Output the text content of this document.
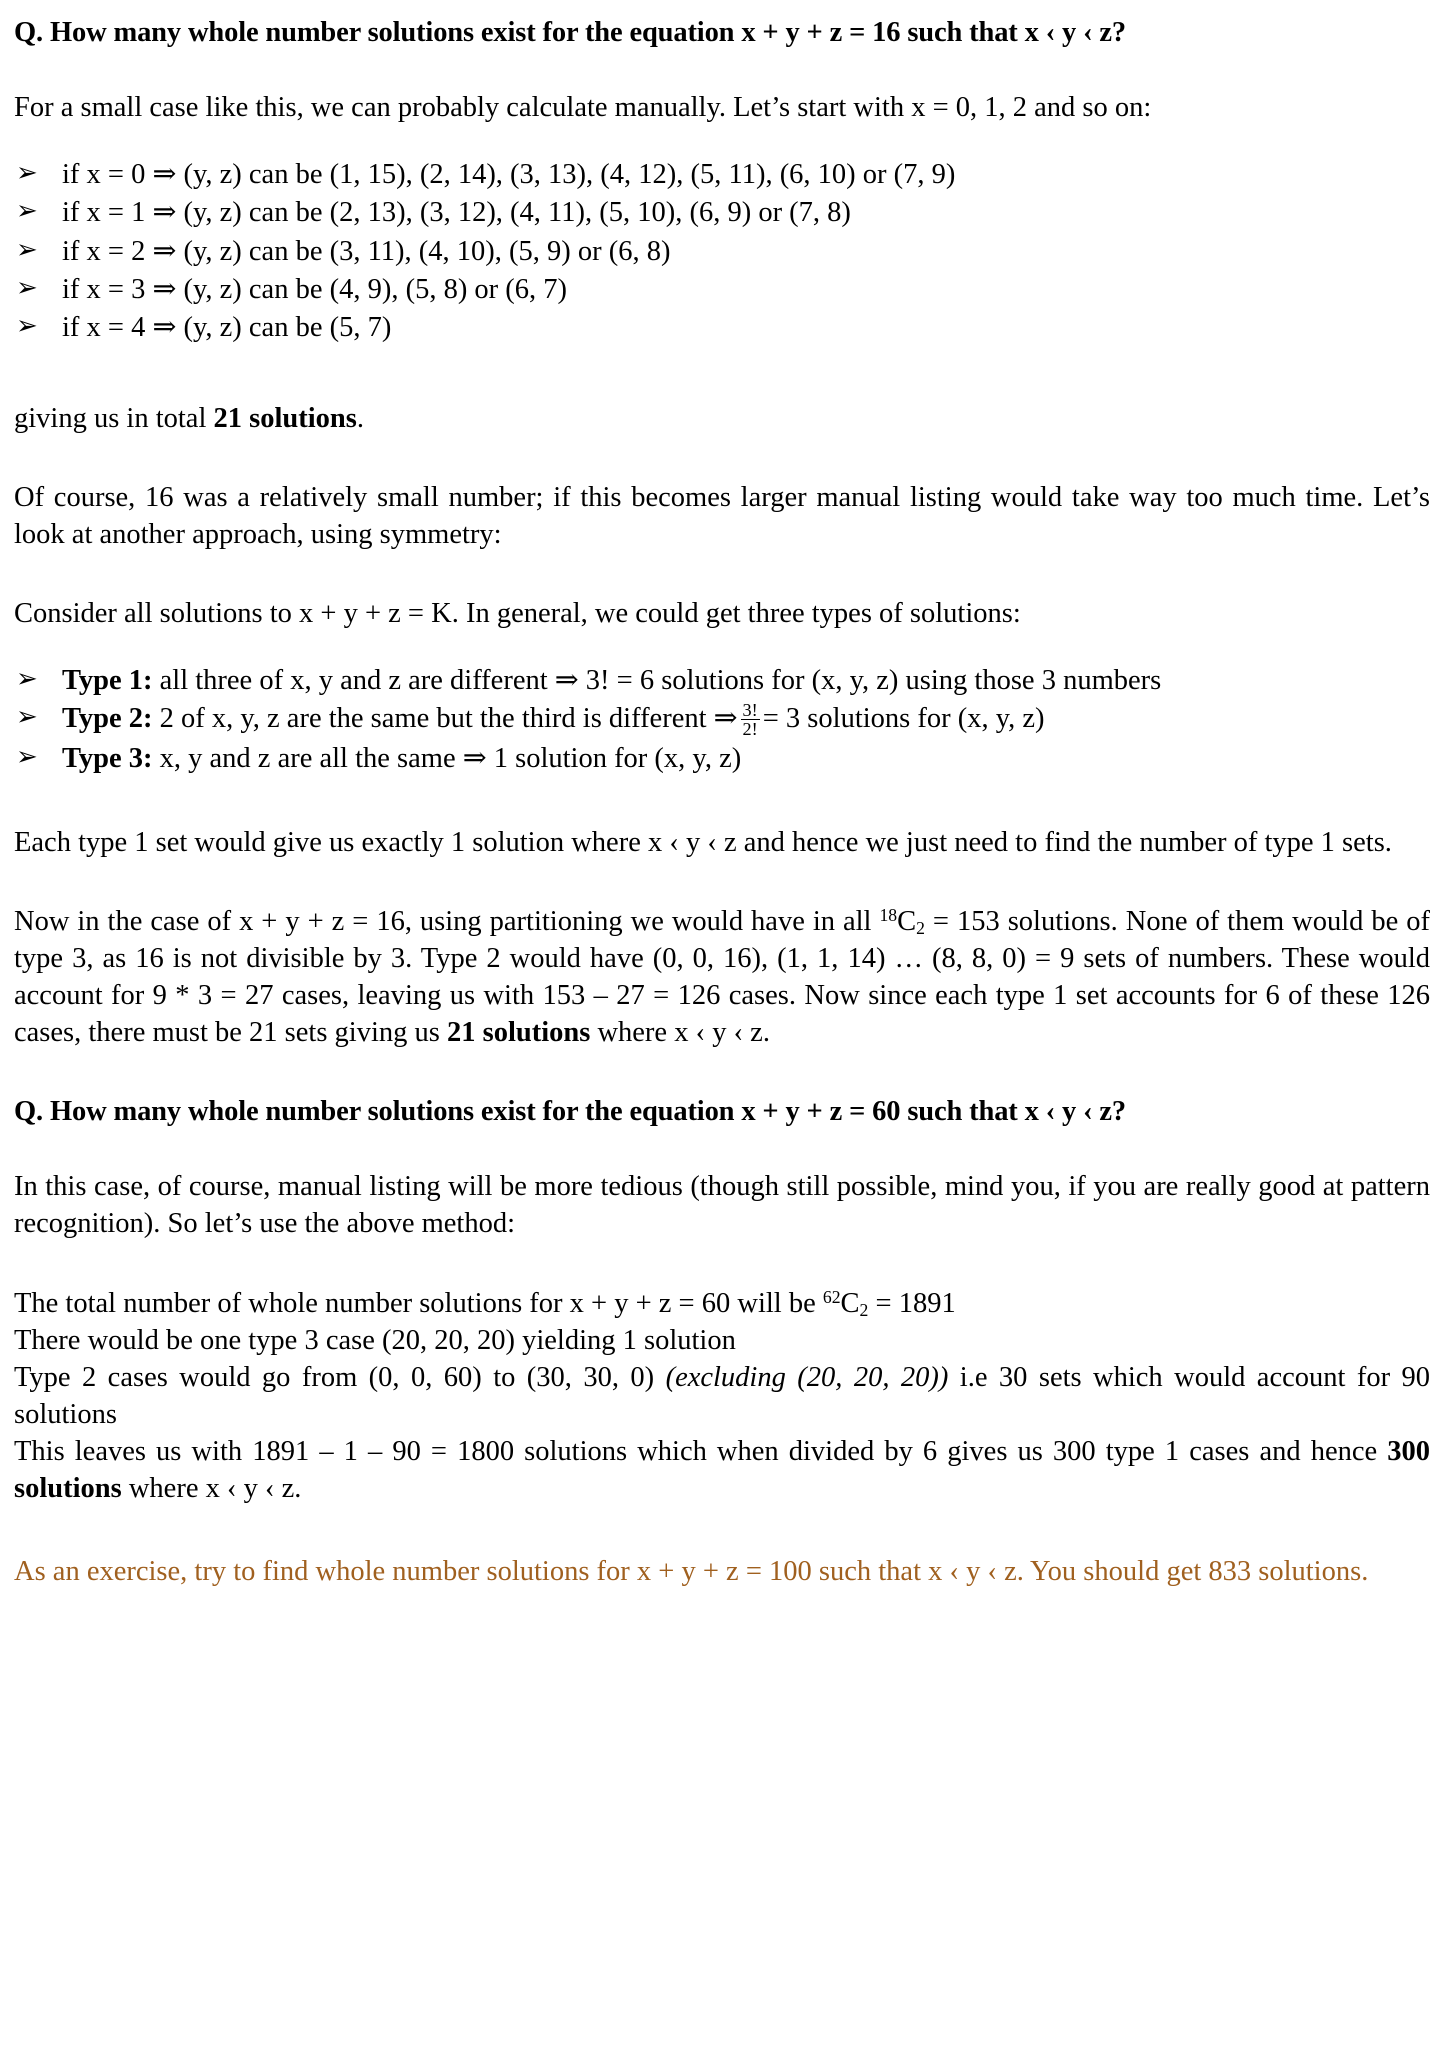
Q. How many whole number solutions exist for the equation x + y + z = 16 such that x ‹ y ‹ z?
For a small case like this, we can probably calculate manually. Let’s start with x = 0, 1, 2 and so on:
➢ if x = 0 ⇒ (y, z) can be (1, 15), (2, 14), (3, 13), (4, 12), (5, 11), (6, 10) or (7, 9)
➢ if x = 1 ⇒ (y, z) can be (2, 13), (3, 12), (4, 11), (5, 10), (6, 9) or (7, 8)
➢ if x = 2 ⇒ (y, z) can be (3, 11), (4, 10), (5, 9) or (6, 8)
➢ if x = 3 ⇒ (y, z) can be (4, 9), (5, 8) or (6, 7)
➢ if x = 4 ⇒ (y, z) can be (5, 7)
giving us in total 21 solutions.
Of course, 16 was a relatively small number; if this becomes larger manual listing would take way too much time. Let’s look at another approach, using symmetry:
Consider all solutions to x + y + z = K. In general, we could get three types of solutions:
➢ Type 1: all three of x, y and z are different ⇒ 3! = 6 solutions for (x, y, z) using those 3 numbers
➢ Type 2: 2 of x, y, z are the same but the third is different ⇒ $\frac{3!}{2!} = 3$ solutions for (x, y, z)
➢ Type 3: x, y and z are all the same ⇒ 1 solution for (x, y, z)
Each type 1 set would give us exactly 1 solution where x ‹ y ‹ z and hence we just need to find the number of type 1 sets.
Now in the case of x + y + z = 16, using partitioning we would have in all $^{18}C_2 = 153$ solutions. None of them would be of type 3, as 16 is not divisible by 3. Type 2 would have (0, 0, 16), (1, 1, 14) … (8, 8, 0) = 9 sets of numbers. These would account for 9 * 3 = 27 cases, leaving us with 153 – 27 = 126 cases. Now since each type 1 set accounts for 6 of these 126 cases, there must be 21 sets giving us 21 solutions where x ‹ y ‹ z.
Q. How many whole number solutions exist for the equation x + y + z = 60 such that x ‹ y ‹ z?
In this case, of course, manual listing will be more tedious (though still possible, mind you, if you are really good at pattern recognition). So let’s use the above method:
The total number of whole number solutions for x + y + z = 60 will be $^{62}C_2 = 1891$
There would be one type 3 case (20, 20, 20) yielding 1 solution
Type 2 cases would go from (0, 0, 60) to (30, 30, 0) (excluding (20, 20, 20)) i.e 30 sets which would account for 90 solutions
This leaves us with 1891 – 1 – 90 = 1800 solutions which when divided by 6 gives us 300 type 1 cases and hence 300 solutions where x ‹ y ‹ z.
As an exercise, try to find whole number solutions for x + y + z = 100 such that x ‹ y ‹ z. You should get 833 solutions.
